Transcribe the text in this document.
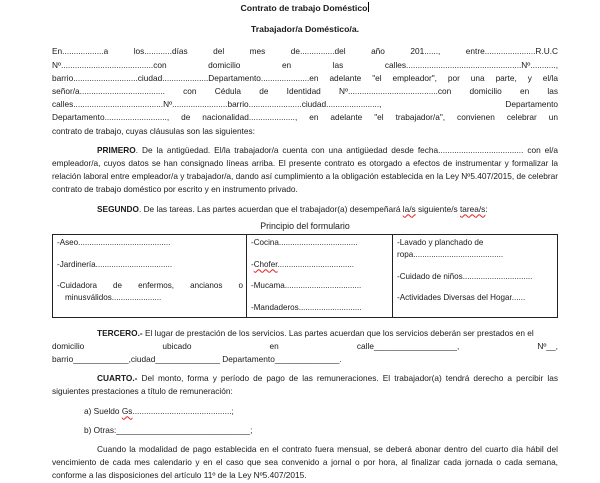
Contrato de trabajo Doméstico
Trabajador/a Doméstico/a.
En..................a los............días del mes de...............del año 201......, entre......................R.U.C
Nº........................................con domicilio en las calles..................................................Nº...........,
barrio............................ciudad....................Departamento.....................en adelante "el empleador", por una parte, y el/la
señor/a..................................... con Cédula de Identidad Nº.......................................con domicilio en las
calles.......................................Nº........................barrio.......................ciudad......................., Departamento
Departamento..........................., de nacionalidad...................., en adelante "el trabajador/a", convienen celebrar un
contrato de trabajo, cuyas cláusulas son las siguientes:
PRIMERO. De la antigüedad. El/la trabajador/a cuenta con una antigüedad desde fecha..................................... con el/a empleador/a, cuyos datos se han consignado líneas arriba. El presente contrato es otorgado a efectos de instrumentar y formalizar la relación laboral entre empleador/a y trabajador/a, dando así cumplimiento a la obligación establecida en la Ley Nº5.407/2015, de celebrar contrato de trabajo doméstico por escrito y en instrumento privado.
SEGUNDO. De las tareas. Las partes acuerdan que el trabajador(a) desempeñará la/s siguiente/s tarea/s:
Principio del formulario
-Aseo.........................................
-Jardinería..................................
-Cuidadora de enfermos, ancianos o
minusválidos......................

-Cocina...................................
-Chofer..................................
-Mucama..................................
-Mandaderos............................

-Lavado y planchado de
ropa........................................
-Cuidado de niños...............................
-Actividades Diversas del Hogar......
TERCERO.- El lugar de prestación de los servicios. Las partes acuerdan que los servicios deberán ser prestados en el
domicilio	ubicado	en	calle__________________,	Nº__,
barrio____________,ciudad______________ Departamento______________.
CUARTO.- Del monto, forma y período de pago de las remuneraciones. El trabajador(a) tendrá derecho a percibir las siguientes prestaciones a título de remuneración:
a) Sueldo Gs...........................................;
b) Otras:_____________________________;
Cuando la modalidad de pago establecida en el contrato fuera mensual, se deberá abonar dentro del cuarto día hábil del vencimiento de cada mes calendario y en el caso que sea convenido a jornal o por hora, al finalizar cada jornada o cada semana, conforme a las disposiciones del artículo 11º de la Ley Nº5.407/2015.
